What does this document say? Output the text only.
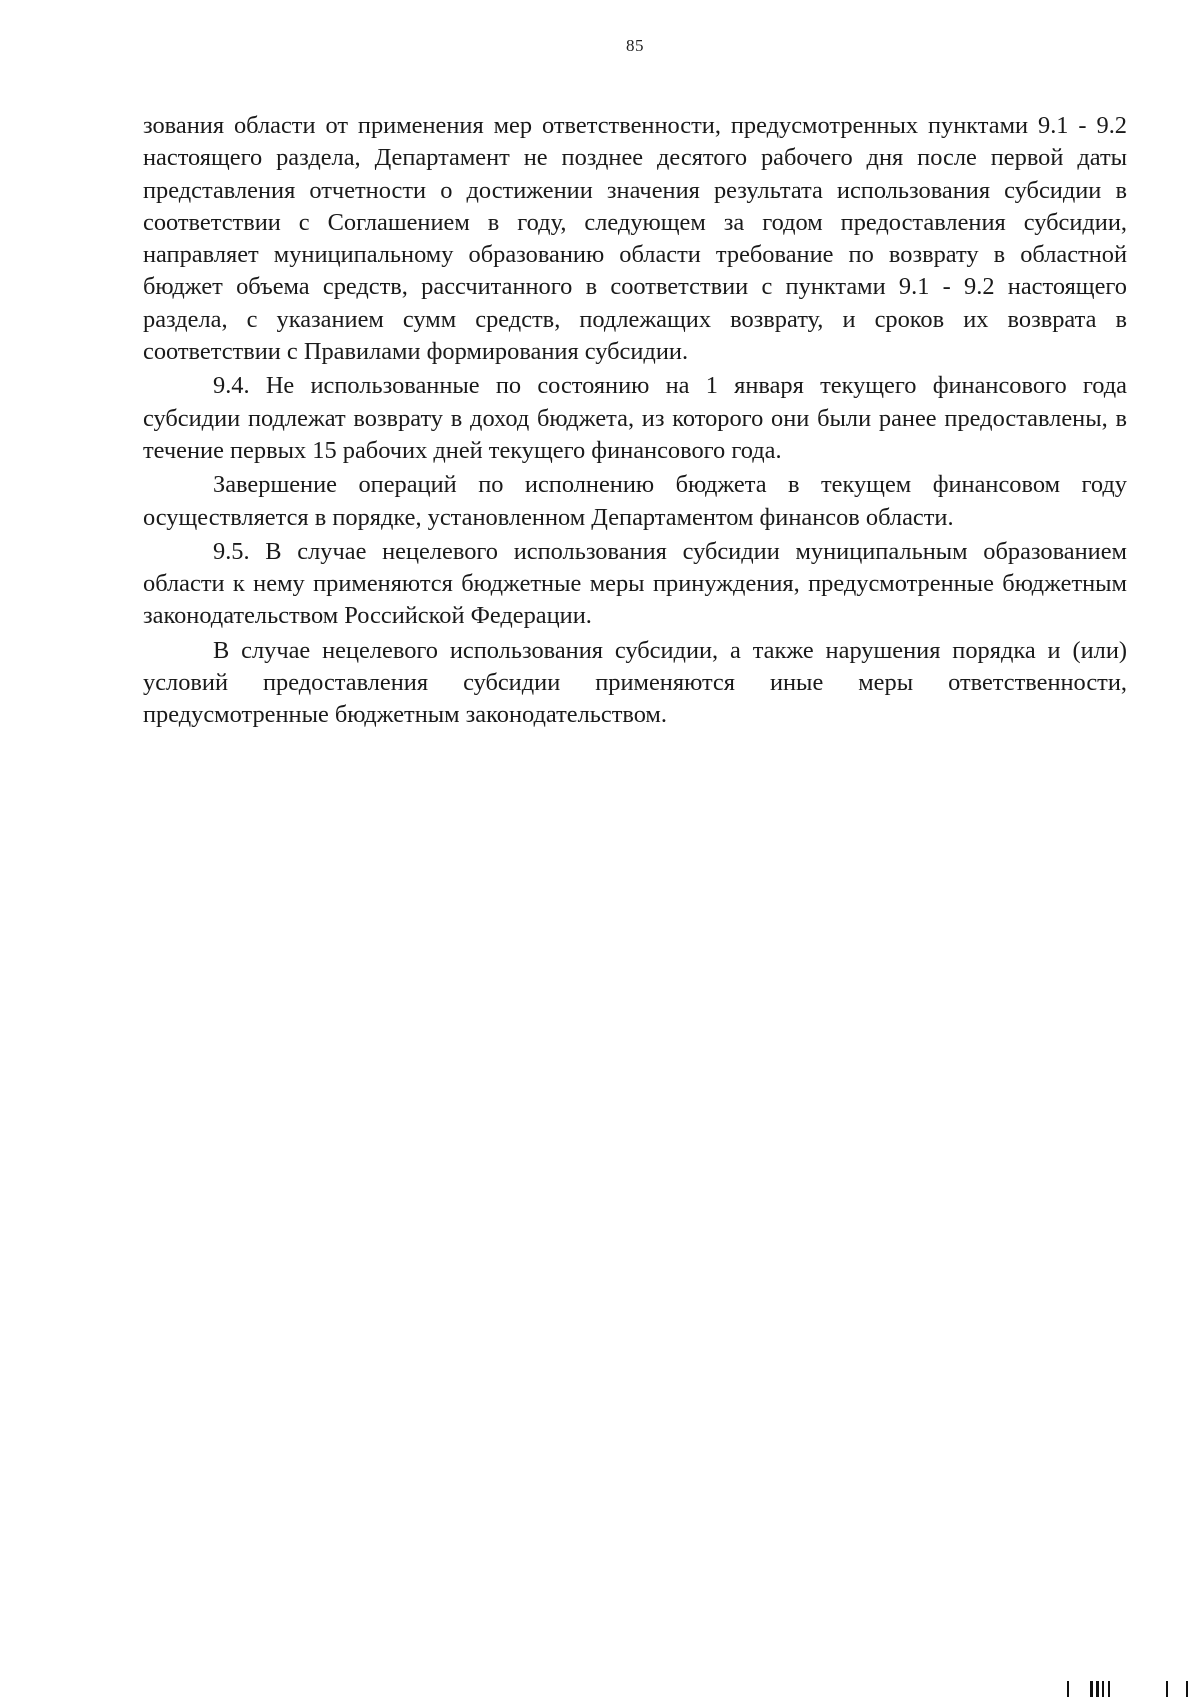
85

зования области от применения мер ответственности, предусмотренных пунктами 9.1 - 9.2 настоящего раздела, Департамент не позднее десятого рабочего дня после первой даты представления отчетности о достижении значения результата использования субсидии в соответствии с Соглашением в году, следующем за годом предоставления субсидии, направляет муниципальному образованию области требование по возврату в областной бюджет объема средств, рассчитанного в соответствии с пунктами 9.1 - 9.2 настоящего раздела, с указанием сумм средств, подлежащих возврату, и сроков их возврата в соответствии с Правилами формирования субсидии.

9.4. Не использованные по состоянию на 1 января текущего финансового года субсидии подлежат возврату в доход бюджета, из которого они были ранее предоставлены, в течение первых 15 рабочих дней текущего финансового года.

Завершение операций по исполнению бюджета в текущем финансовом году осуществляется в порядке, установленном Департаментом финансов области.

9.5. В случае нецелевого использования субсидии муниципальным образованием области к нему применяются бюджетные меры принуждения, предусмотренные бюджетным законодательством Российской Федерации.

В случае нецелевого использования субсидии, а также нарушения порядка и (или) условий предоставления субсидии применяются иные меры ответственности, предусмотренные бюджетным законодательством.
